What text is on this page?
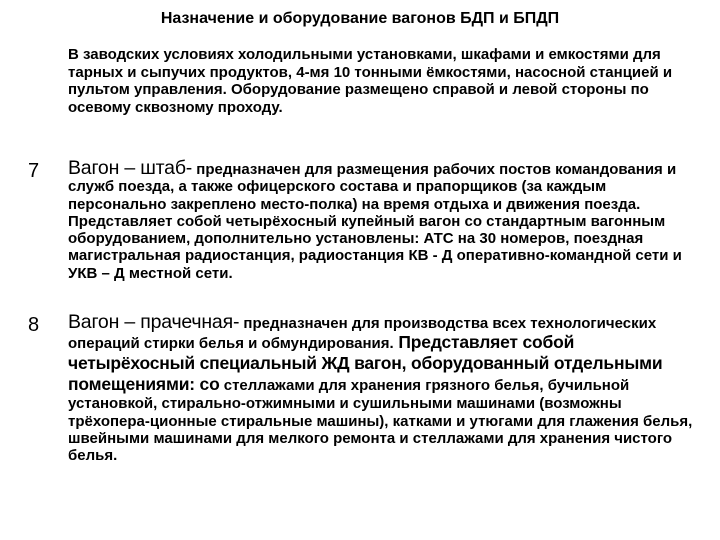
Назначение и оборудование вагонов БДП и БПДП
В заводских условиях холодильными установками, шкафами и емкостями для тарных и сыпучих продуктов, 4-мя 10 тонными ёмкостями, насосной станцией и пультом управления. Оборудование размещено справой и левой стороны по осевому сквозному проходу.
7 Вагон – штаб- предназначен для размещения рабочих постов командования и служб поезда, а также офицерского состава и прапорщиков (за каждым персонально закреплено место-полка) на время отдыха и движения поезда. Представляет собой четырёхосный купейный вагон со стандартным вагонным оборудованием, дополнительно установлены: АТС на 30 номеров, поездная магистральная радиостанция, радиостанция КВ - Д оперативно-командной сети и УКВ – Д местной сети.
8 Вагон – прачечная- предназначен для производства всех технологических операций стирки белья и обмундирования. Представляет собой четырёхосный специальный ЖД вагон, оборудованный отдельными помещениями: со стеллажами для хранения грязного белья, бучильной установкой, стирально-отжимными и сушильными машинами (возможны трёхопера-ционные стиральные машины), катками и утюгами для глажения белья, швейными машинами для мелкого ремонта и стеллажами для хранения чистого белья.
